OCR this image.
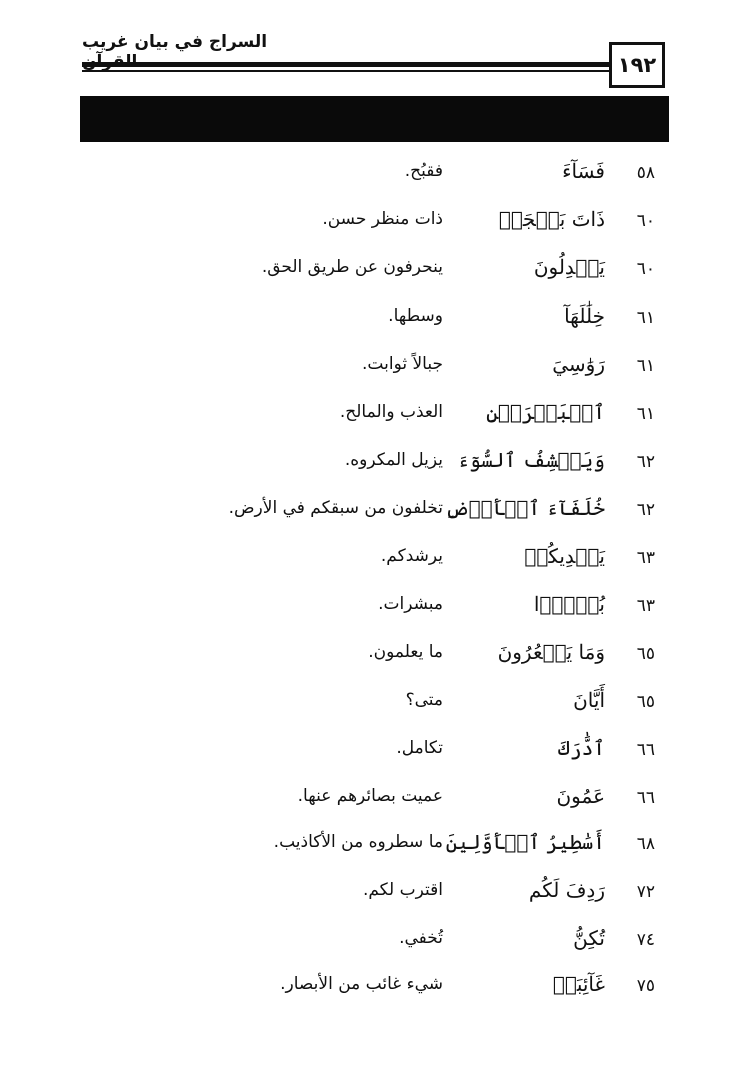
السراج في بيان غريب
١٩٢
٥٨
فَسَآءَ
فقبُح.
٦٠
ذَاتَ بَهۡجَةٖ
ذات منظر حسن.
٦٠
يَعۡدِلُونَ
ينحرفون عن طريق الحق.
٦١
خِلَٰلَهَآ
وسطها.
٦١
رَوَٰسِيَ
جبالاً ثوابت.
٦١
ٱلۡبَحۡرَيۡنِ
العذب والمالح.
٦٢
وَيَكۡشِفُ ٱلسُّوٓءَ
يزيل المكروه.
٦٢
خُلَفَآءَ ٱلۡأَرۡضِ
تخلفون من سبقكم في الأرض.
٦٣
يَهۡدِيكُمۡ
يرشدكم.
٦٣
بُشۡرَۢا
مبشرات.
٦٥
وَمَا يَشۡعُرُونَ
ما يعلمون.
٦٥
أَيَّانَ
متى؟
٦٦
ٱدَّٰرَكَ
تكامل.
٦٦
عَمُونَ
عميت بصائرهم عنها.
٦٨
أَسَٰطِيرُ ٱلۡأَوَّلِينَ
ما سطروه من الأكاذيب.
٧٢
رَدِفَ لَكُم
اقترب لكم.
٧٤
تُكِنُّ
تُخفي.
٧٥
غَآئِبَةٖ
شيء غائب من الأبصار.
